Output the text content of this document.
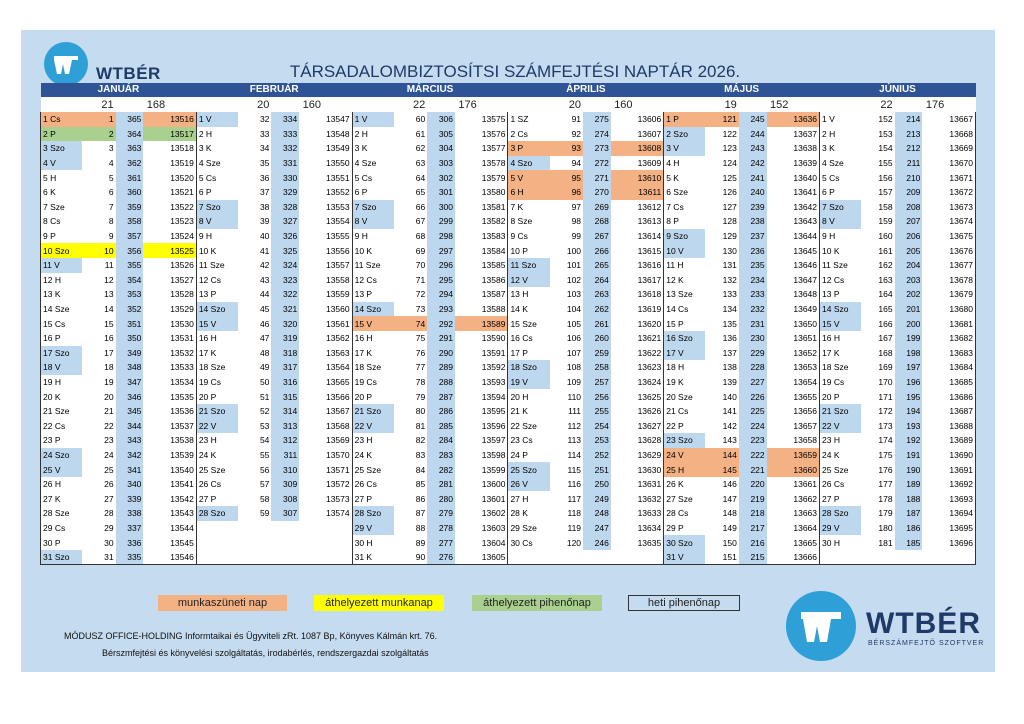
WTBÉR	TÁRSADALOMBIZTOSÍTSI SZÁMFEJTÉSI NAPTÁR 2026.
JANUÁR				FEBRUÁR				MÁRCIUS				ÁPRILIS				MÁJUS				JÚNIUS			
21		168		20		160		22		176		20		160		19		152		22		176	
1 Cs	1	365	13516	1 V	32	334	13547	1 V	60	306	13575	1 SZ	91	275	13606	1 P	121	245	13636	1 V	152	214	13667
2 P	2	364	13517	2 H	33	333	13548	2 H	61	305	13576	2 Cs	92	274	13607	2 Szo	122	244	13637	2 H	153	213	13668
3 Szo	3	363	13518	3 K	34	332	13549	3 K	62	304	13577	3 P	93	273	13608	3 V	123	243	13638	3 K	154	212	13669
4 V	4	362	13519	4 Sze	35	331	13550	4 Sze	63	303	13578	4 Szo	94	272	13609	4 H	124	242	13639	4 Sze	155	211	13670
5 H	5	361	13520	5 Cs	36	330	13551	5 Cs	64	302	13579	5 V	95	271	13610	5 K	125	241	13640	5 Cs	156	210	13671
6 K	6	360	13521	6 P	37	329	13552	6 P	65	301	13580	6 H	96	270	13611	6 Sze	126	240	13641	6 P	157	209	13672
7 Sze	7	359	13522	7 Szo	38	328	13553	7 Szo	66	300	13581	7 K	97	269	13612	7 Cs	127	239	13642	7 Szo	158	208	13673
8 Cs	8	358	13523	8 V	39	327	13554	8 V	67	299	13582	8 Sze	98	268	13613	8 P	128	238	13643	8 V	159	207	13674
9 P	9	357	13524	9 H	40	326	13555	9 H	68	298	13583	9 Cs	99	267	13614	9 Szo	129	237	13644	9 H	160	206	13675
10 Szo	10	356	13525	10 K	41	325	13556	10 K	69	297	13584	10 P	100	266	13615	10 V	130	236	13645	10 K	161	205	13676
11 V	11	355	13526	11 Sze	42	324	13557	11 Sze	70	296	13585	11 Szo	101	265	13616	11 H	131	235	13646	11 Sze	162	204	13677
12 H	12	354	13527	12 Cs	43	323	13558	12 Cs	71	295	13586	12 V	102	264	13617	12 K	132	234	13647	12 Cs	163	203	13678
13 K	13	353	13528	13 P	44	322	13559	13 P	72	294	13587	13 H	103	263	13618	13 Sze	133	233	13648	13 P	164	202	13679
14 Sze	14	352	13529	14 Szo	45	321	13560	14 Szo	73	293	13588	14 K	104	262	13619	14 Cs	134	232	13649	14 Szo	165	201	13680
15 Cs	15	351	13530	15 V	46	320	13561	15 V	74	292	13589	15 Sze	105	261	13620	15 P	135	231	13650	15 V	166	200	13681
16 P	16	350	13531	16 H	47	319	13562	16 H	75	291	13590	16 Cs	106	260	13621	16 Szo	136	230	13651	16 H	167	199	13682
17 Szo	17	349	13532	17 K	48	318	13563	17 K	76	290	13591	17 P	107	259	13622	17 V	137	229	13652	17 K	168	198	13683
18 V	18	348	13533	18 Sze	49	317	13564	18 Sze	77	289	13592	18 Szo	108	258	13623	18 H	138	228	13653	18 Sze	169	197	13684
19 H	19	347	13534	19 Cs	50	316	13565	19 Cs	78	288	13593	19 V	109	257	13624	19 K	139	227	13654	19 Cs	170	196	13685
20 K	20	346	13535	20 P	51	315	13566	20 P	79	287	13594	20 H	110	256	13625	20 Sze	140	226	13655	20 P	171	195	13686
21 Sze	21	345	13536	21 Szo	52	314	13567	21 Szo	80	286	13595	21 K	111	255	13626	21 Cs	141	225	13656	21 Szo	172	194	13687
22 Cs	22	344	13537	22 V	53	313	13568	22 V	81	285	13596	22 Sze	112	254	13627	22 P	142	224	13657	22 V	173	193	13688
23 P	23	343	13538	23 H	54	312	13569	23 H	82	284	13597	23 Cs	113	253	13628	23 Szo	143	223	13658	23 H	174	192	13689
24 Szo	24	342	13539	24 K	55	311	13570	24 K	83	283	13598	24 P	114	252	13629	24 V	144	222	13659	24 K	175	191	13690
25 V	25	341	13540	25 Sze	56	310	13571	25 Sze	84	282	13599	25 Szo	115	251	13630	25 H	145	221	13660	25 Sze	176	190	13691
26 H	26	340	13541	26 Cs	57	309	13572	26 Cs	85	281	13600	26 V	116	250	13631	26 K	146	220	13661	26 Cs	177	189	13692
27 K	27	339	13542	27 P	58	308	13573	27 P	86	280	13601	27 H	117	249	13632	27 Sze	147	219	13662	27 P	178	188	13693
28 Sze	28	338	13543	28 Szo	59	307	13574	28 Szo	87	279	13602	28 K	118	248	13633	28 Cs	148	218	13663	28 Szo	179	187	13694
29 Cs	29	337	13544					29 V	88	278	13603	29 Sze	119	247	13634	29 P	149	217	13664	29 V	180	186	13695
30 P	30	336	13545					30 H	89	277	13604	30 Cs	120	246	13635	30 Szo	150	216	13665	30 H	181	185	13696
31 Szo	31	335	13546					31 K	90	276	13605					31 V	151	215	13666				
munkaszüneti nap	áthelyezett munkanap	áthelyezett pihenőnap	heti pihenőnap
MÓDUSZ OFFICE-HOLDING Informtaikai és Ügyviteli zRt. 1087 Bp, Könyves Kálmán krt. 76.
Bérszmfejtési és könyvelési szolgáltatás, irodabérlés, rendszergazdai szolgáltatás
WTBÉR
BÉRSZÁMFEJTŐ SZOFTVER
